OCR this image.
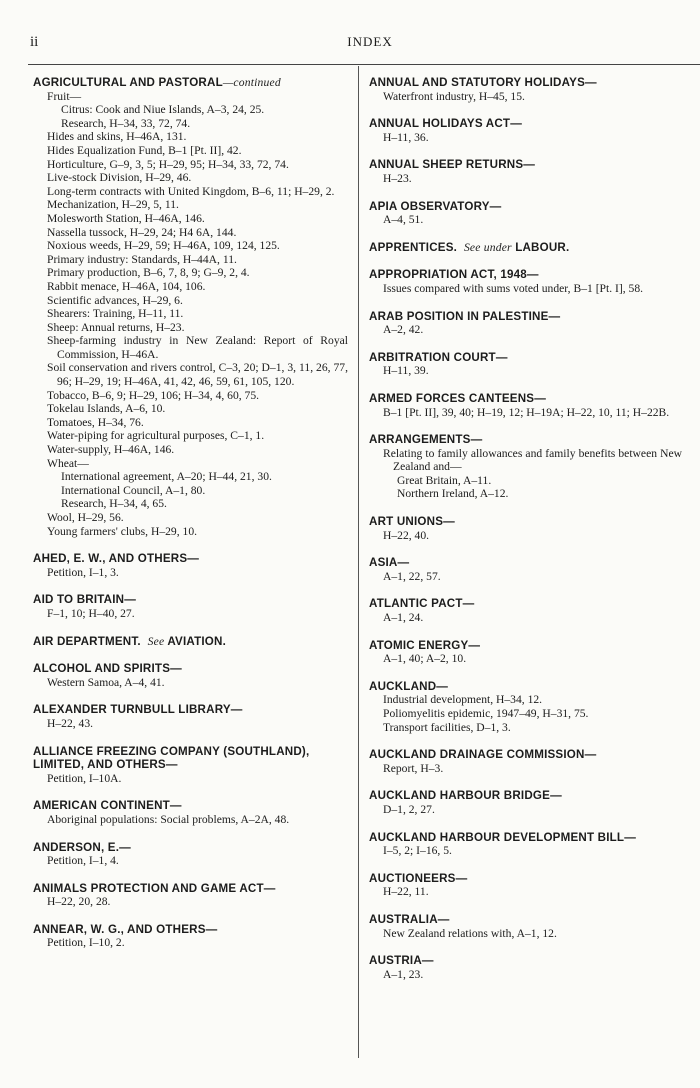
ii	INDEX
AGRICULTURAL AND PASTORAL—continued
Fruit—
Citrus: Cook and Niue Islands, A–3, 24, 25.
Research, H–34, 33, 72, 74.
Hides and skins, H–46A, 131.
Hides Equalization Fund, B–1 [Pt. II], 42.
Horticulture, G–9, 3, 5; H–29, 95; H–34, 33, 72, 74.
Live-stock Division, H–29, 46.
Long-term contracts with United Kingdom, B–6, 11; H–29, 2.
Mechanization, H–29, 5, 11.
Molesworth Station, H–46A, 146.
Nassella tussock, H–29, 24; H4 6A, 144.
Noxious weeds, H–29, 59; H–46A, 109, 124, 125.
Primary industry: Standards, H–44A, 11.
Primary production, B–6, 7, 8, 9; G–9, 2, 4.
Rabbit menace, H–46A, 104, 106.
Scientific advances, H–29, 6.
Shearers: Training, H–11, 11.
Sheep: Annual returns, H–23.
Sheep-farming industry in New Zealand: Report of Royal Commission, H–46A.
Soil conservation and rivers control, C–3, 20; D–1, 3, 11, 26, 77, 96; H–29, 19; H–46A, 41, 42, 46, 59, 61, 105, 120.
Tobacco, B–6, 9; H–29, 106; H–34, 4, 60, 75.
Tokelau Islands, A–6, 10.
Tomatoes, H–34, 76.
Water-piping for agricultural purposes, C–1, 1.
Water-supply, H–46A, 146.
Wheat—
International agreement, A–20; H–44, 21, 30.
International Council, A–1, 80.
Research, H–34, 4, 65.
Wool, H–29, 56.
Young farmers' clubs, H–29, 10.
AHED, E. W., AND OTHERS—
Petition, I–1, 3.
AID TO BRITAIN—
F–1, 10; H–40, 27.
AIR DEPARTMENT. See AVIATION.
ALCOHOL AND SPIRITS—
Western Samoa, A–4, 41.
ALEXANDER TURNBULL LIBRARY—
H–22, 43.
ALLIANCE FREEZING COMPANY (SOUTHLAND), LIMITED, AND OTHERS—
Petition, I–10A.
AMERICAN CONTINENT—
Aboriginal populations: Social problems, A–2A, 48.
ANDERSON, E.—
Petition, I–1, 4.
ANIMALS PROTECTION AND GAME ACT—
H–22, 20, 28.
ANNEAR, W. G., AND OTHERS—
Petition, I–10, 2.
ANNUAL AND STATUTORY HOLIDAYS—
Waterfront industry, H–45, 15.
ANNUAL HOLIDAYS ACT—
H–11, 36.
ANNUAL SHEEP RETURNS—
H–23.
APIA OBSERVATORY—
A–4, 51.
APPRENTICES. See under LABOUR.
APPROPRIATION ACT, 1948—
Issues compared with sums voted under, B–1 [Pt. I], 58.
ARAB POSITION IN PALESTINE—
A–2, 42.
ARBITRATION COURT—
H–11, 39.
ARMED FORCES CANTEENS—
B–1 [Pt. II], 39, 40; H–19, 12; H–19A; H–22, 10, 11; H–22B.
ARRANGEMENTS—
Relating to family allowances and family benefits between New Zealand and—
Great Britain, A–11.
Northern Ireland, A–12.
ART UNIONS—
H–22, 40.
ASIA—
A–1, 22, 57.
ATLANTIC PACT—
A–1, 24.
ATOMIC ENERGY—
A–1, 40; A–2, 10.
AUCKLAND—
Industrial development, H–34, 12.
Poliomyelitis epidemic, 1947–49, H–31, 75.
Transport facilities, D–1, 3.
AUCKLAND DRAINAGE COMMISSION—
Report, H–3.
AUCKLAND HARBOUR BRIDGE—
D–1, 2, 27.
AUCKLAND HARBOUR DEVELOPMENT BILL—
I–5, 2; I–16, 5.
AUCTIONEERS—
H–22, 11.
AUSTRALIA—
New Zealand relations with, A–1, 12.
AUSTRIA—
A–1, 23.
